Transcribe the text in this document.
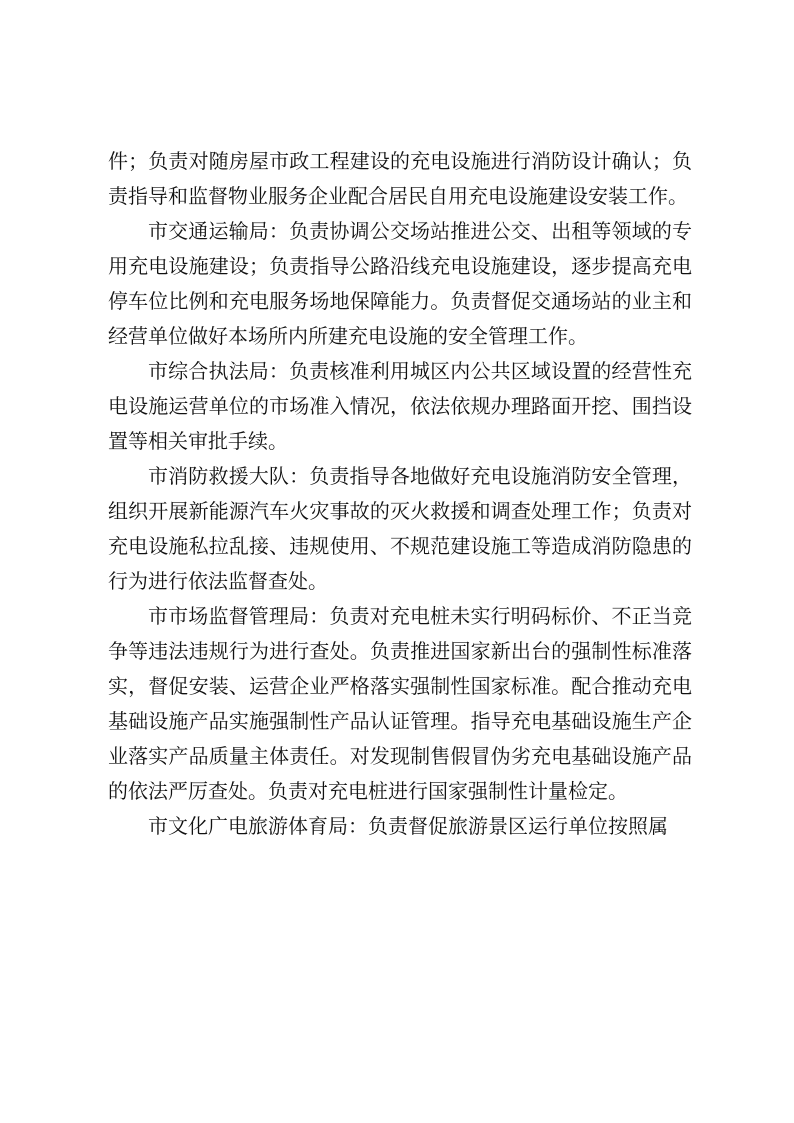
件；负责对随房屋市政工程建设的充电设施进行消防设计确认；负责指导和监督物业服务企业配合居民自用充电设施建设安装工作。

市交通运输局：负责协调公交场站推进公交、出租等领域的专用充电设施建设；负责指导公路沿线充电设施建设，逐步提高充电停车位比例和充电服务场地保障能力。负责督促交通场站的业主和经营单位做好本场所内所建充电设施的安全管理工作。

市综合执法局：负责核准利用城区内公共区域设置的经营性充电设施运营单位的市场准入情况，依法依规办理路面开挖、围挡设置等相关审批手续。

市消防救援大队：负责指导各地做好充电设施消防安全管理，组织开展新能源汽车火灾事故的灭火救援和调查处理工作；负责对充电设施私拉乱接、违规使用、不规范建设施工等造成消防隐患的行为进行依法监督查处。

市市场监督管理局：负责对充电桩未实行明码标价、不正当竞争等违法违规行为进行查处。负责推进国家新出台的强制性标准落实，督促安装、运营企业严格落实强制性国家标准。配合推动充电基础设施产品实施强制性产品认证管理。指导充电基础设施生产企业落实产品质量主体责任。对发现制售假冒伪劣充电基础设施产品的依法严厉查处。负责对充电桩进行国家强制性计量检定。

市文化广电旅游体育局：负责督促旅游景区运行单位按照属
